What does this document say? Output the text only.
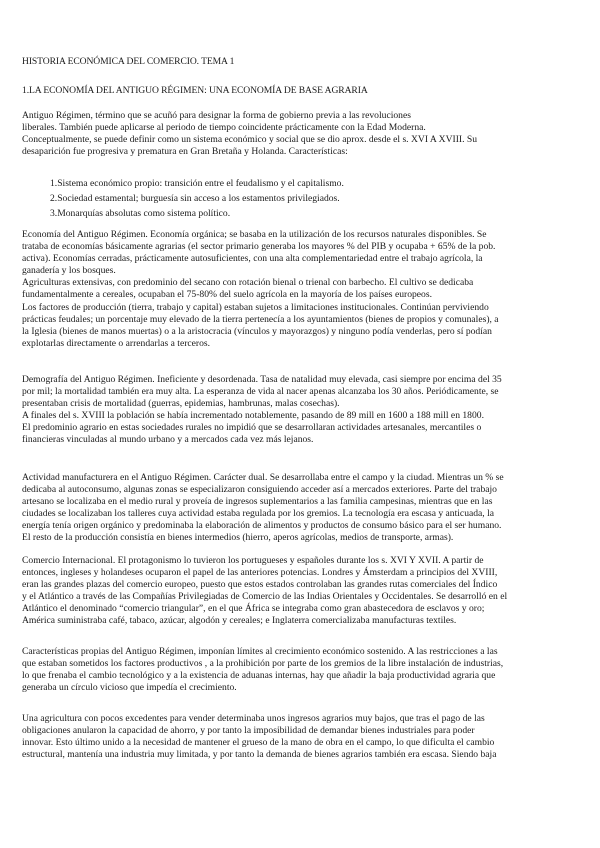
HISTORIA ECONÓMICA DEL COMERCIO. TEMA 1
1.LA ECONOMÍA DEL ANTIGUO RÉGIMEN: UNA ECONOMÍA DE BASE AGRARIA
Antiguo Régimen, término que se acuñó para designar la forma de gobierno previa a las revoluciones
liberales. También puede aplicarse al periodo de tiempo coincidente prácticamente con la Edad Moderna.
Conceptualmente, se puede definir como un sistema económico y social que se dio aprox. desde el s. XVI A XVIII. Su
desaparición fue progresiva y prematura en Gran Bretaña y Holanda. Características:
1.Sistema económico propio: transición entre el feudalismo y el capitalismo.
2.Sociedad estamental; burguesía sin acceso a los estamentos privilegiados.
3.Monarquías absolutas como sistema político.
Economía del Antiguo Régimen. Economía orgánica; se basaba en la utilización de los recursos naturales disponibles. Se
trataba de economías básicamente agrarias (el sector primario generaba los mayores % del PIB y ocupaba + 65% de la pob.
activa). Economías cerradas, prácticamente autosuficientes, con una alta complementariedad entre el trabajo agrícola, la
ganadería y los bosques.
Agriculturas extensivas, con predominio del secano con rotación bienal o trienal con barbecho. El cultivo se dedicaba
fundamentalmente a cereales, ocupaban el 75-80% del suelo agrícola en la mayoría de los países europeos.
Los factores de producción (tierra, trabajo y capital) estaban sujetos a limitaciones institucionales. Continúan perviviendo
prácticas feudales; un porcentaje muy elevado de la tierra pertenecía a los ayuntamientos (bienes de propios y comunales), a
la Iglesia (bienes de manos muertas) o a la aristocracia (vínculos y mayorazgos) y ninguno podía venderlas, pero sí podían
explotarlas directamente o arrendarlas a terceros.
Demografía del Antiguo Régimen. Ineficiente y desordenada. Tasa de natalidad muy elevada, casi siempre por encima del 35
por mil; la mortalidad también era muy alta. La esperanza de vida al nacer apenas alcanzaba los 30 años. Periódicamente, se
presentaban crisis de mortalidad (guerras, epidemias, hambrunas, malas cosechas).
A finales del s. XVIII la población se había incrementado notablemente, pasando de 89 mill en 1600 a 188 mill en 1800.
El predominio agrario en estas sociedades rurales no impidió que se desarrollaran actividades artesanales, mercantiles o
financieras vinculadas al mundo urbano y a mercados cada vez más lejanos.
Actividad manufacturera en el Antiguo Régimen. Carácter dual. Se desarrollaba entre el campo y la ciudad. Mientras un % se
dedicaba al autoconsumo, algunas zonas se especializaron consiguiendo acceder así a mercados exteriores. Parte del trabajo
artesano se localizaba en el medio rural y proveía de ingresos suplementarios a las familia campesinas, mientras que en las
ciudades se localizaban los talleres cuya actividad estaba regulada por los gremios. La tecnología era escasa y anticuada, la
energía tenía origen orgánico y predominaba la elaboración de alimentos y productos de consumo básico para el ser humano.
El resto de la producción consistía en bienes intermedios (hierro, aperos agrícolas, medios de transporte, armas).
Comercio Internacional. El protagonismo lo tuvieron los portugueses y españoles durante los s. XVI Y XVII. A partir de
entonces, ingleses y holandeses ocuparon el papel de las anteriores potencias. Londres y Ámsterdam a principios del XVIII,
eran las grandes plazas del comercio europeo, puesto que estos estados controlaban las grandes rutas comerciales del Índico
y el Atlántico a través de las Compañías Privilegiadas de Comercio de las Indias Orientales y Occidentales. Se desarrolló en el
Atlántico el denominado “comercio triangular”, en el que África se integraba como gran abastecedora de esclavos y oro;
América suministraba café, tabaco, azúcar, algodón y cereales; e Inglaterra comercializaba manufacturas textiles.
Características propias del Antiguo Régimen, imponían límites al crecimiento económico sostenido. A las restricciones a las
que estaban sometidos los factores productivos , a la prohibición por parte de los gremios de la libre instalación de industrias,
lo que frenaba el cambio tecnológico y a la existencia de aduanas internas, hay que añadir la baja productividad agraria que
generaba un círculo vicioso que impedía el crecimiento.
Una agricultura con pocos excedentes para vender determinaba unos ingresos agrarios muy bajos, que tras el pago de las
obligaciones anularon la capacidad de ahorro, y por tanto la imposibilidad de demandar bienes industriales para poder
innovar. Esto último unido a la necesidad de mantener el grueso de la mano de obra en el campo, lo que dificulta el cambio
estructural, mantenía una industria muy limitada, y por tanto la demanda de bienes agrarios también era escasa. Siendo baja
